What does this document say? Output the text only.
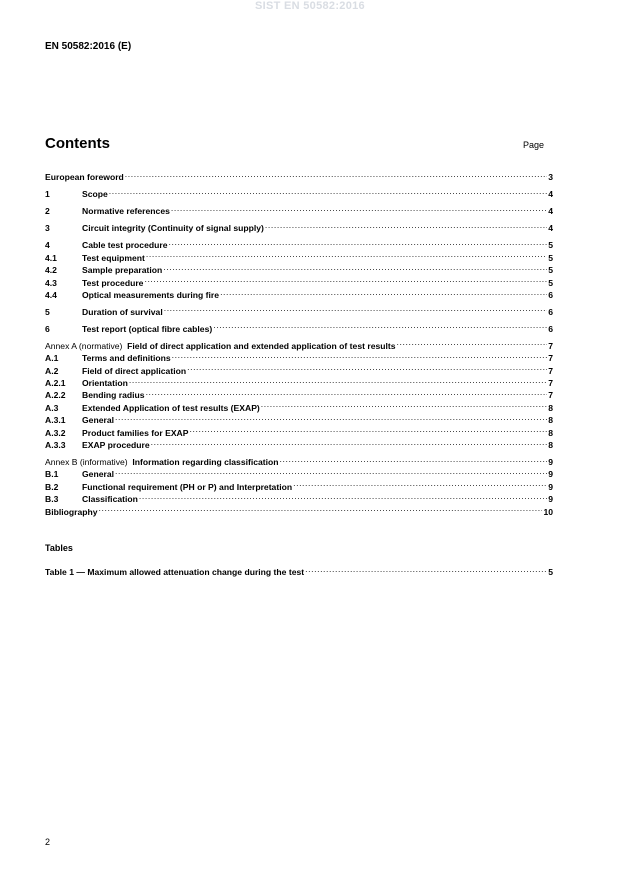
SIST EN 50582:2016
EN 50582:2016 (E)
Contents	Page
European foreword .....	3
1	Scope .....	4
2	Normative references .....	4
3	Circuit integrity (Continuity of signal supply) .....	4
4	Cable test procedure .....	5
4.1	Test equipment .....	5
4.2	Sample preparation .....	5
4.3	Test procedure .....	5
4.4	Optical measurements during fire .....	6
5	Duration of survival .....	6
6	Test report (optical fibre cables) .....	6
Annex A (normative) Field of direct application and extended application of test results .....	7
A.1	Terms and definitions .....	7
A.2	Field of direct application .....	7
A.2.1	Orientation .....	7
A.2.2	Bending radius .....	7
A.3	Extended Application of test results (EXAP) .....	8
A.3.1	General .....	8
A.3.2	Product families for EXAP .....	8
A.3.3	EXAP procedure .....	8
Annex B (informative) Information regarding classification .....	9
B.1	General .....	9
B.2	Functional requirement (PH or P) and Interpretation .....	9
B.3	Classification .....	9
Bibliography .....	10
Tables
Table 1 — Maximum allowed attenuation change during the test .....	5
2
